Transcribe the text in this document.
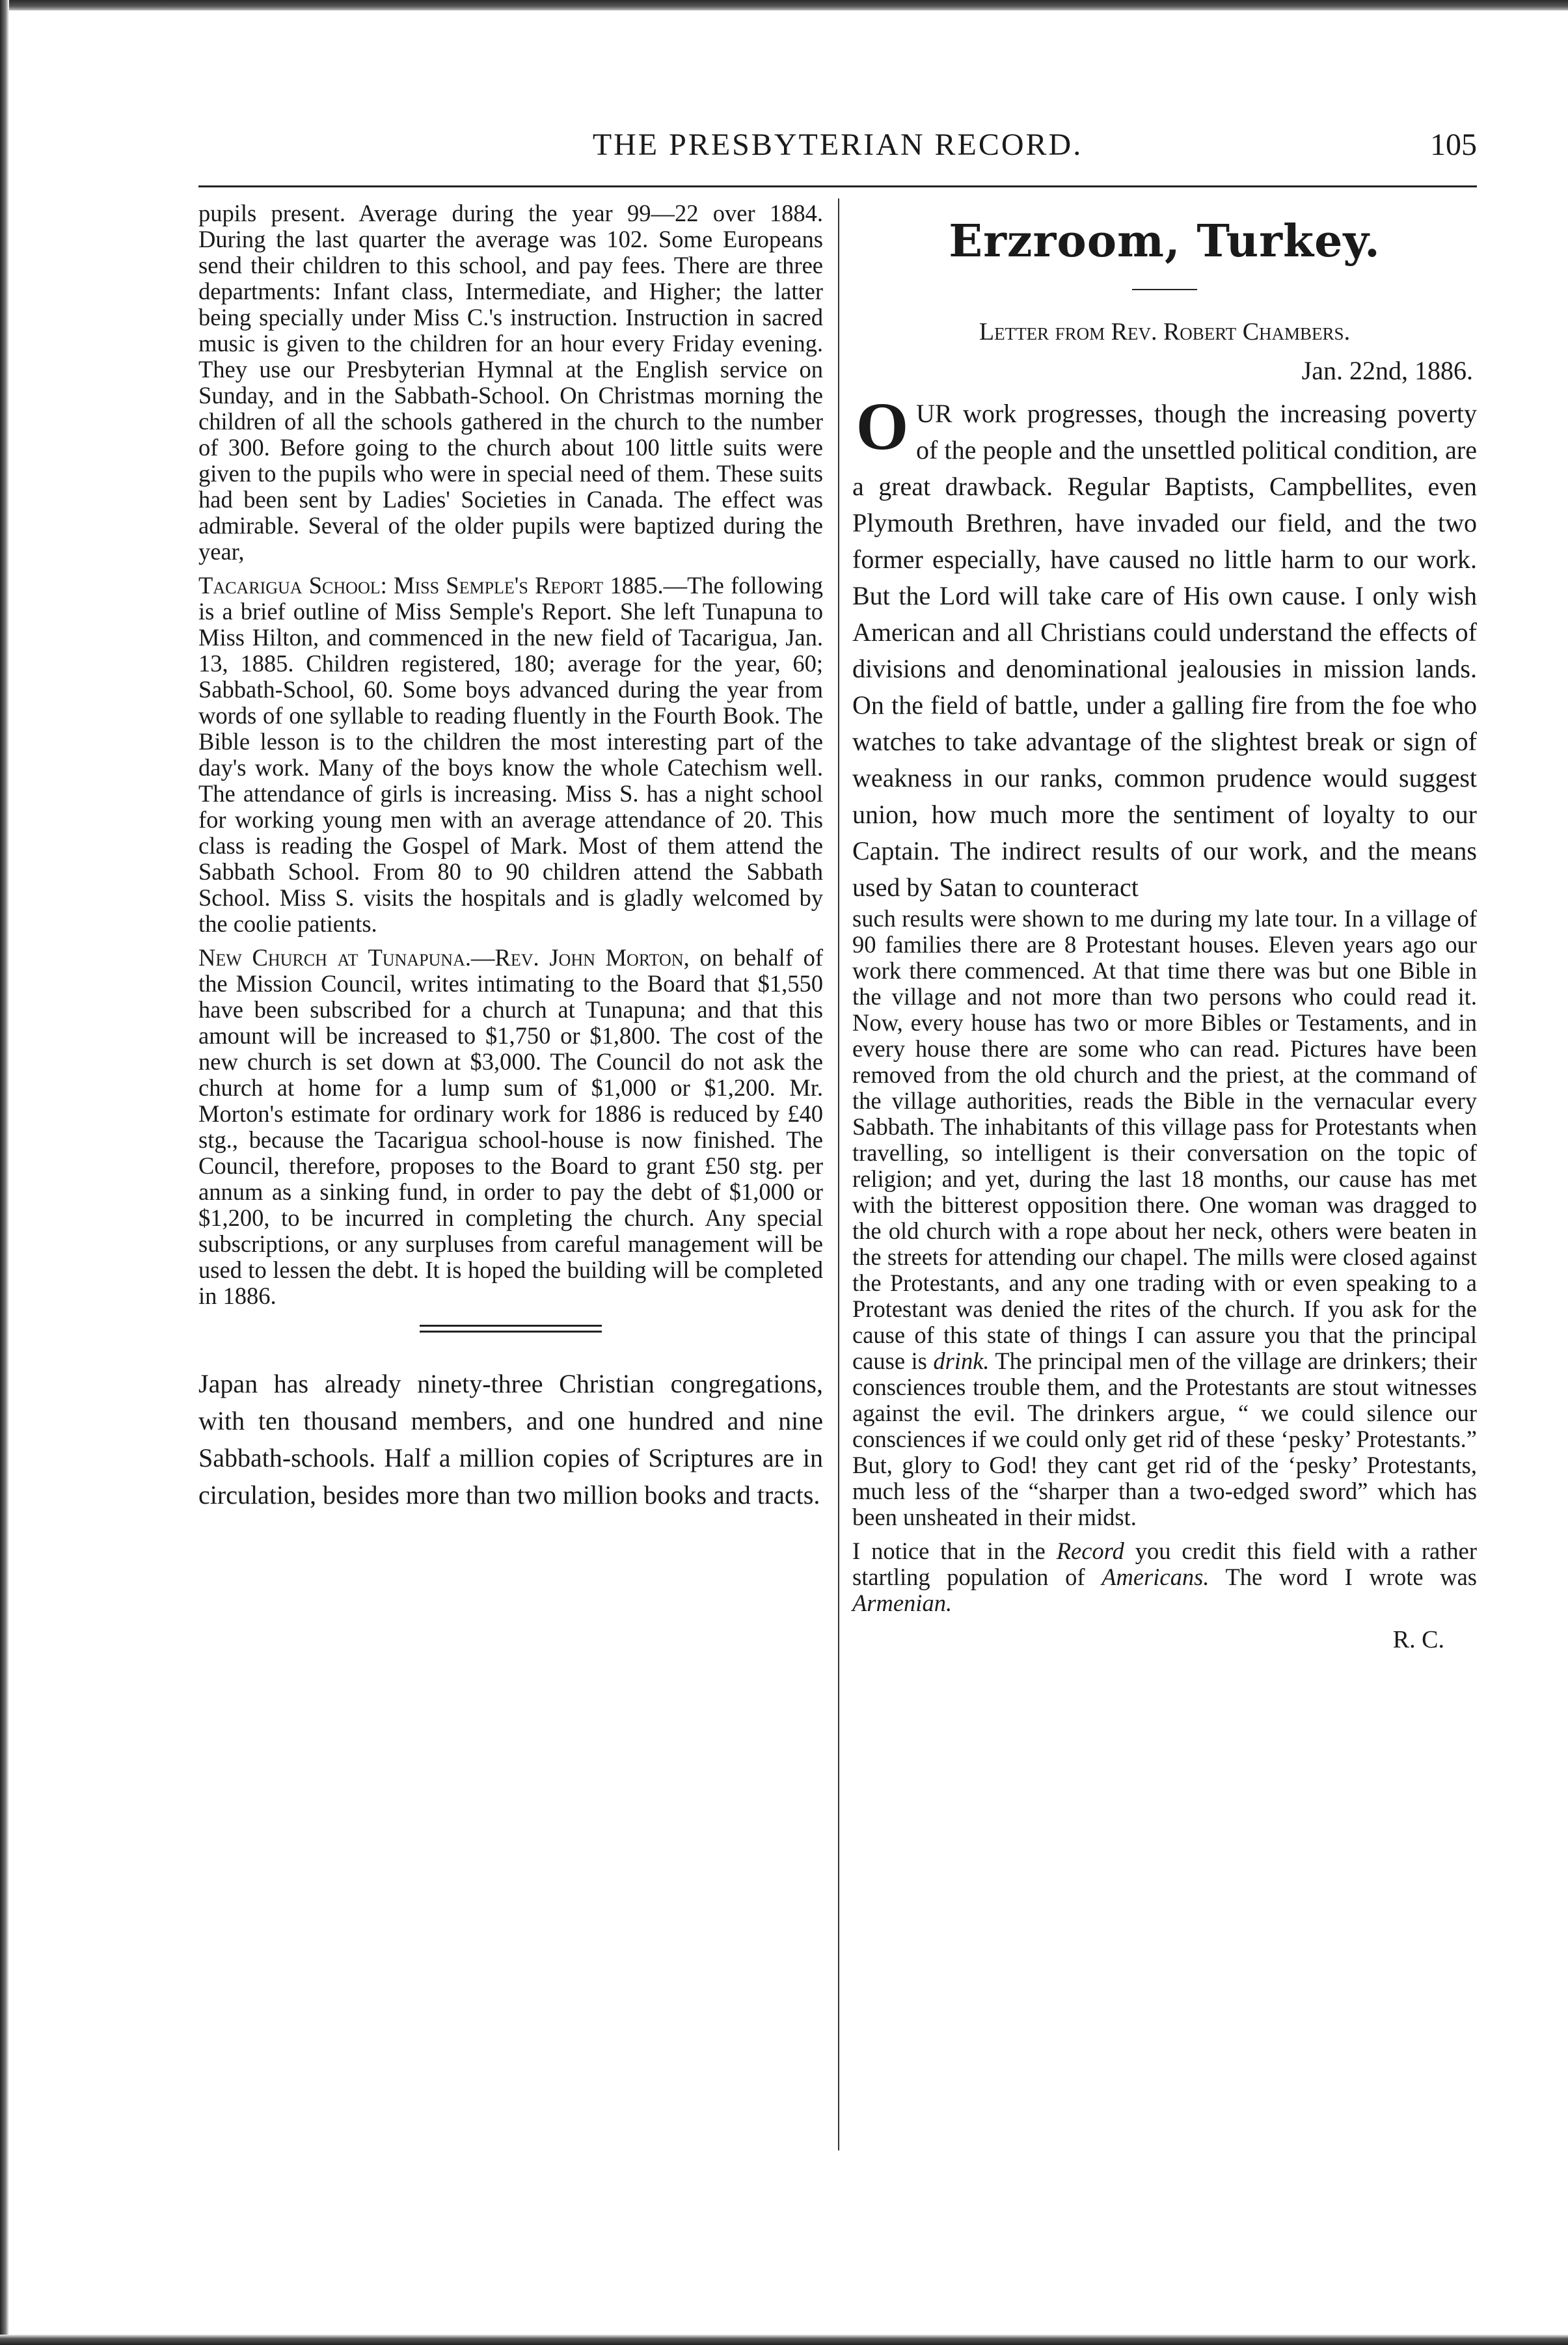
THE PRESBYTERIAN RECORD.	105

pupils present. Average during the year 99—22 over 1884. During the last quarter the average was 102. Some Europeans send their children to this school, and pay fees. There are three departments: Infant class, Intermediate, and Higher; the latter being specially under Miss C.'s instruction. Instruction in sacred music is given to the children for an hour every Friday evening. They use our Presbyterian Hymnal at the English service on Sunday, and in the Sabbath-School. On Christmas morning the children of all the schools gathered in the church to the number of 300. Before going to the church about 100 little suits were given to the pupils who were in special need of them. These suits had been sent by Ladies' Societies in Canada. The effect was admirable. Several of the older pupils were baptized during the year,

Tacarigua School: Miss Semple's Report 1885.—The following is a brief outline of Miss Semple's Report. She left Tunapuna to Miss Hilton, and commenced in the new field of Tacarigua, Jan. 13, 1885. Children registered, 180; average for the year, 60; Sabbath-School, 60. Some boys advanced during the year from words of one syllable to reading fluently in the Fourth Book. The Bible lesson is to the children the most interesting part of the day's work. Many of the boys know the whole Catechism well. The attendance of girls is increasing. Miss S. has a night school for working young men with an average attendance of 20. This class is reading the Gospel of Mark. Most of them attend the Sabbath School. From 80 to 90 children attend the Sabbath School. Miss S. visits the hospitals and is gladly welcomed by the coolie patients.

New Church at Tunapuna.—Rev. John Morton, on behalf of the Mission Council, writes intimating to the Board that $1,550 have been subscribed for a church at Tunapuna; and that this amount will be increased to $1,750 or $1,800. The cost of the new church is set down at $3,000. The Council do not ask the church at home for a lump sum of $1,000 or $1,200. Mr. Morton's estimate for ordinary work for 1886 is reduced by £40 stg., because the Tacarigua school-house is now finished. The Council, therefore, proposes to the Board to grant £50 stg. per annum as a sinking fund, in order to pay the debt of $1,000 or $1,200, to be incurred in completing the church. Any special subscriptions, or any surpluses from careful management will be used to lessen the debt. It is hoped the building will be completed in 1886.

Japan has already ninety-three Christian congregations, with ten thousand members, and one hundred and nine Sabbath-schools. Half a million copies of Scriptures are in circulation, besides more than two million books and tracts.

Erzroom, Turkey.
Letter from Rev. Robert Chambers.
Jan. 22nd, 1886.
OUR work progresses, though the increasing poverty of the people and the unsettled political condition, are a great drawback. Regular Baptists, Campbellites, even Plymouth Brethren, have invaded our field, and the two former especially, have caused no little harm to our work. But the Lord will take care of His own cause. I only wish American and all Christians could understand the effects of divisions and denominational jealousies in mission lands. On the field of battle, under a galling fire from the foe who watches to take advantage of the slightest break or sign of weakness in our ranks, common prudence would suggest union, how much more the sentiment of loyalty to our Captain. The indirect results of our work, and the means used by Satan to counteract

such results were shown to me during my late tour. In a village of 90 families there are 8 Protestant houses. Eleven years ago our work there commenced. At that time there was but one Bible in the village and not more than two persons who could read it. Now, every house has two or more Bibles or Testaments, and in every house there are some who can read. Pictures have been removed from the old church and the priest, at the command of the village authorities, reads the Bible in the vernacular every Sabbath. The inhabitants of this village pass for Protestants when travelling, so intelligent is their conversation on the topic of religion; and yet, during the last 18 months, our cause has met with the bitterest opposition there. One woman was dragged to the old church with a rope about her neck, others were beaten in the streets for attending our chapel. The mills were closed against the Protestants, and any one trading with or even speaking to a Protestant was denied the rites of the church. If you ask for the cause of this state of things I can assure you that the principal cause is drink. The principal men of the village are drinkers; their consciences trouble them, and the Protestants are stout witnesses against the evil. The drinkers argue, “ we could silence our consciences if we could only get rid of these ‘pesky’ Protestants.” But, glory to God! they cant get rid of the ‘pesky’ Protestants, much less of the “sharper than a two-edged sword” which has been unsheated in their midst.

I notice that in the Record you credit this field with a rather startling population of Americans. The word I wrote was Armenian.

R. C.
